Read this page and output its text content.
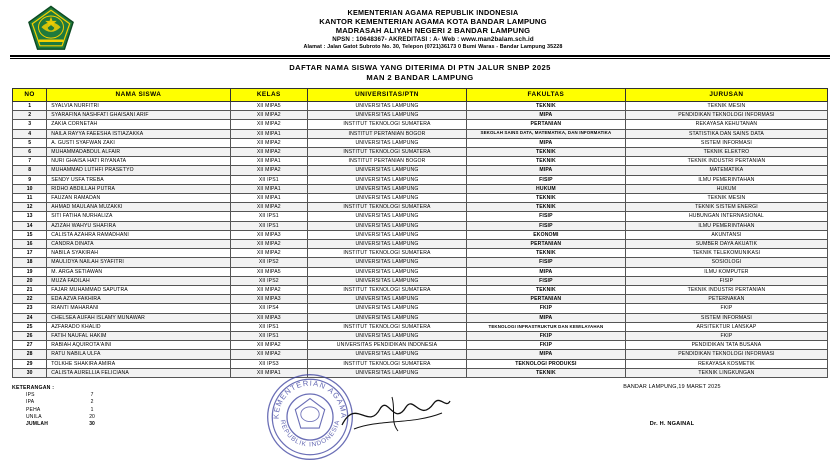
KEMENTERIAN AGAMA REPUBLIK INDONESIA
KANTOR KEMENTERIAN AGAMA KOTA BANDAR LAMPUNG
MADRASAH ALIYAH NEGERI 2 BANDAR LAMPUNG
NPSN : 10648367- AKREDITASI : A- Web : www.man2balam.sch.id
Alamat : Jalan Gatot Subroto No. 30, Telepon (0721)36173 0 Bumi Waras - Bandar Lampung 35228
DAFTAR NAMA SISWA YANG DITERIMA DI PTN JALUR SNBP 2025
MAN 2 BANDAR LAMPUNG
NO	NAMA SISWA	KELAS	UNIVERSITAS/PTN	FAKULTAS	JURUSAN
1	SYALVIA NURFITRI	XII MIPA5	UNIVERSITAS LAMPUNG	TEKNIK	TEKNIK MESIN
2	SYARAFINA NASHFATI GHAISANI ARIF	XII MIPA2	UNIVERSITAS LAMPUNG	MIPA	PENDIDIKAN TEKNOLOGI INFORMASI
3	ZAKIA CORNETAH	XII MIPA2	INSTITUT TEKNOLOGI SUMATERA	PERTANIAN	REKAYASA KEHUTANAN
4	NAILA RAYYA FAEESHA ISTIAZAKKA	XII MIPA1	INSTITUT PERTANIAN BOGOR	SEKOLAH SAINS DATA, MATEMATIKA, DAN INFORMATIKA	STATISTIKA DAN SAINS DATA
5	A. GUSTI SYAFWAN ZAKI	XII MIPA2	UNIVERSITAS LAMPUNG	MIPA	SISTEM INFORMASI
6	MUHAMMADABDUL ALFAIR	XII MIPA2	INSTITUT TEKNOLOGI SUMATERA	TEKNIK	TEKNIK ELEKTRO
7	NURI GHAISA HATI RIYANATA	XII MIPA1	INSTITUT PERTANIAN BOGOR	TEKNIK	TEKNIK INDUSTRI PERTANIAN
8	MUHAMMAD LUTHFI PRASETYO	XII MIPA2	UNIVERSITAS LAMPUNG	MIPA	MATEMATIKA
9	SENDY USFA TREBA	XII IPS1	UNIVERSITAS LAMPUNG	FISIP	ILMU PEMERINTAHAN
10	RIDHO ABDILLAH PUTRA	XII MIPA1	UNIVERSITAS LAMPUNG	HUKUM	HUKUM
11	FAUZAN RAMADAN	XII MIPA1	UNIVERSITAS LAMPUNG	TEKNIK	TEKNIK MESIN
12	AHMAD MAULANA MUZAKKI	XII MIPA2	INSTITUT TEKNOLOGI SUMATERA	TEKNIK	TEKNIK SISTEM ENERGI
13	SITI FATIHA NURHALIZA	XII IPS1	UNIVERSITAS LAMPUNG	FISIP	HUBUNGAN INTERNASIONAL
14	AZIZAH WAHYU SHAFIRA	XII IPS1	UNIVERSITAS LAMPUNG	FISIP	ILMU PEMERINTAHAN
15	CALISTA AZAHRA RAMADHANI	XII MIPA3	UNIVERSITAS LAMPUNG	EKONOMI	AKUNTANSI
16	CANDRA DINATA	XII MIPA2	UNIVERSITAS LAMPUNG	PERTANIAN	SUMBER DAYA AKUATIK
17	NABILA SYAKIRAH	XII MIPA2	INSTITUT TEKNOLOGI SUMATERA	TEKNIK	TEKNIK TELEKOMUNIKASI
18	MAULIDYA NAILAH SYAFITRI	XII IPS2	UNIVERSITAS LAMPUNG	FISIP	SOSIOLOGI
19	M. ARGA SETIAWAN	XII MIPA5	UNIVERSITAS LAMPUNG	MIPA	ILMU KOMPUTER
20	MUZA FADILAH	XII IPS2	UNIVERSITAS LAMPUNG	FISIP	FISIP
21	FAJAR MUHAMMAD SAPUTRA	XII MIPA2	INSTITUT TEKNOLOGI SUMATERA	TEKNIK	TEKNIK INDUSTRI PERTANIAN
22	EDA AZVA FAKHIRA	XII MIPA3	UNIVERSITAS LAMPUNG	PERTANIAN	PETERNAKAN
23	RIANTI MAHARANI	XII IPS4	UNIVERSITAS LAMPUNG	FKIP	FKIP
24	CHELSEA AUFAH ISLAMY MUNAWAR	XII MIPA3	UNIVERSITAS LAMPUNG	MIPA	SISTEM INFORMASI
25	AZFARADO KHALID	XII IPS1	INSTITUT TEKNOLOGI SUMATERA	TEKNOLOGI INFRASTRUKTUR DAN KEWILAYAHAN	ARSITEKTUR LANSKAP
26	FATIH NAUFAL HAKIM	XII IPS1	UNIVERSITAS LAMPUNG	FKIP	FKIP
27	RABIAH AQUIROTA'AINI	XII MIPA2	UNIVERSITAS PENDIDIKAN INDONESIA	FKIP	PENDIDIKAN TATA BUSANA
28	RATU NABILA ULFA	XII MIPA2	UNIVERSITAS LAMPUNG	MIPA	PENDIDIKAN TEKNOLOGI INFORMASI
29	TOLKHE SHAKIRA AMIRA	XII IPS3	INSTITUT TEKNOLOGI SUMATERA	TEKNOLOGI PRODUKSI	REKAYASA KOSMETIK
30	CALISTA AURELLIA FELICIANA	XII MIPA1	UNIVERSITAS LAMPUNG	TEKNIK	TEKNIK LINGKUNGAN
KETERANGAN :
IPS	7
IPA	2
PEHA	1
UNILA	20
JUMLAH	30
KEMENTERIAN AGAMA
REPUBLIK INDONESIA
BANDAR LAMPUNG,19 MARET 2025
Dr. H. NGAINAL
